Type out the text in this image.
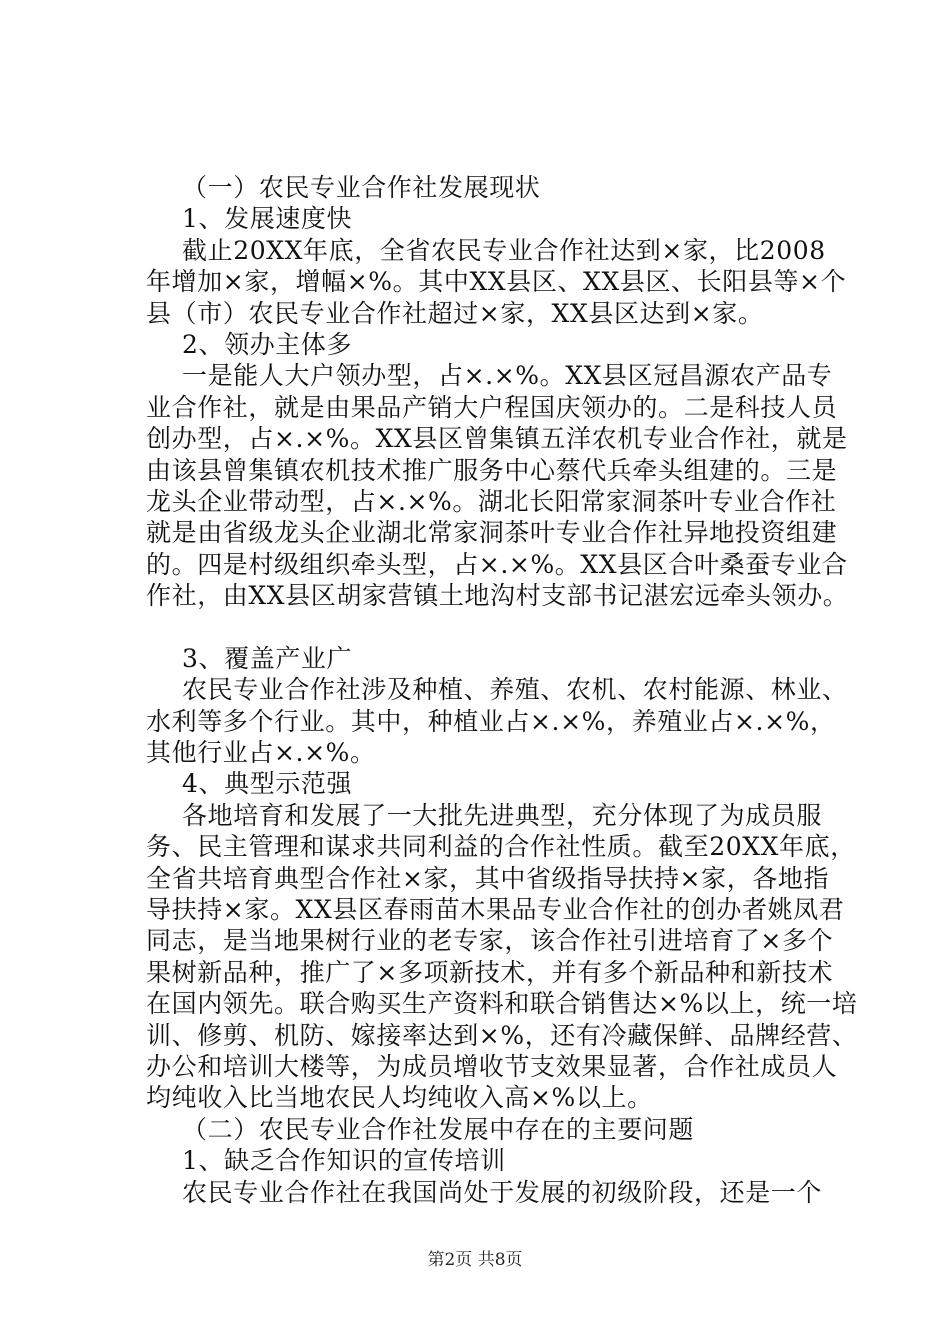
（一）农民专业合作社发展现状
1、发展速度快
截止20XX年底，全省农民专业合作社达到×家，比2008
年增加×家，增幅×%。其中XX县区、XX县区、长阳县等×个
县（市）农民专业合作社超过×家，XX县区达到×家。
2、领办主体多
一是能人大户领办型，占×.×%。XX县区冠昌源农产品专
业合作社，就是由果品产销大户程国庆领办的。二是科技人员
创办型，占×.×%。XX县区曾集镇五洋农机专业合作社，就是
由该县曾集镇农机技术推广服务中心蔡代兵牵头组建的。三是
龙头企业带动型，占×.×%。湖北长阳常家洞茶叶专业合作社
就是由省级龙头企业湖北常家洞茶叶专业合作社异地投资组建
的。四是村级组织牵头型，占×.×%。XX县区合叶桑蚕专业合
作社，由XX县区胡家营镇土地沟村支部书记湛宏远牵头领办。
3、覆盖产业广
农民专业合作社涉及种植、养殖、农机、农村能源、林业、
水利等多个行业。其中，种植业占×.×%，养殖业占×.×%，
其他行业占×.×%。
4、典型示范强
各地培育和发展了一大批先进典型，充分体现了为成员服
务、民主管理和谋求共同利益的合作社性质。截至20XX年底，
全省共培育典型合作社×家，其中省级指导扶持×家，各地指
导扶持×家。XX县区春雨苗木果品专业合作社的创办者姚凤君
同志，是当地果树行业的老专家，该合作社引进培育了×多个
果树新品种，推广了×多项新技术，并有多个新品种和新技术
在国内领先。联合购买生产资料和联合销售达×%以上，统一培
训、修剪、机防、嫁接率达到×%，还有冷藏保鲜、品牌经营、
办公和培训大楼等，为成员增收节支效果显著，合作社成员人
均纯收入比当地农民人均纯收入高×%以上。
（二）农民专业合作社发展中存在的主要问题
1、缺乏合作知识的宣传培训
农民专业合作社在我国尚处于发展的初级阶段，还是一个
第2页 共8页
